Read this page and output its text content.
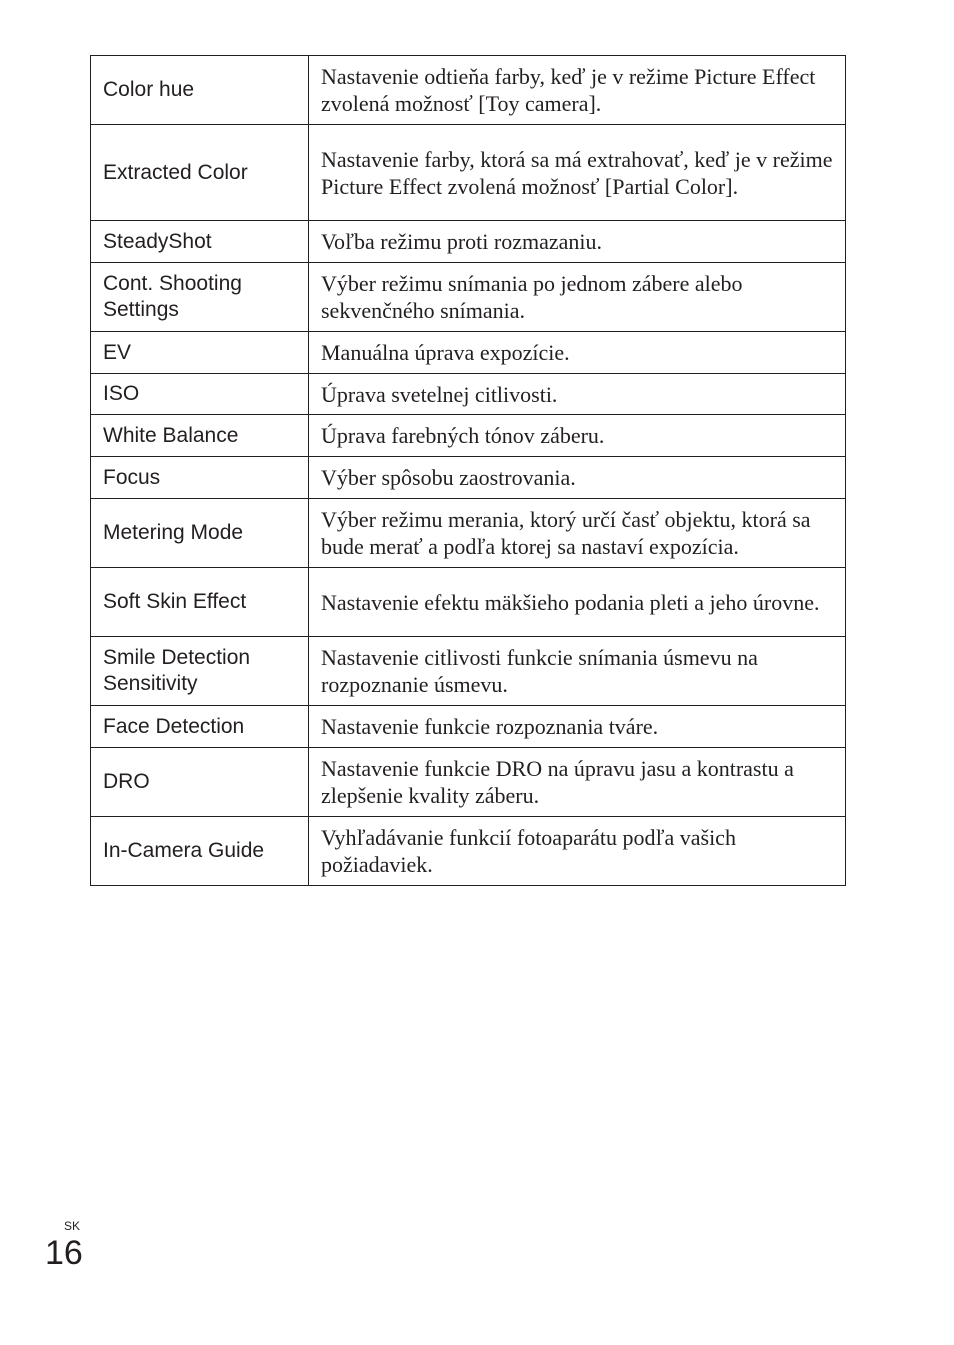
Color hue	Nastavenie odtieňa farby, keď je v režime Picture Effect zvolená možnosť [Toy camera].
Extracted Color	Nastavenie farby, ktorá sa má extrahovať, keď je v režime Picture Effect zvolená možnosť [Partial Color].
SteadyShot	Voľba režimu proti rozmazaniu.
Cont. Shooting Settings	Výber režimu snímania po jednom zábere alebo sekvenčného snímania.
EV	Manuálna úprava expozície.
ISO	Úprava svetelnej citlivosti.
White Balance	Úprava farebných tónov záberu.
Focus	Výber spôsobu zaostrovania.
Metering Mode	Výber režimu merania, ktorý určí časť objektu, ktorá sa bude merať a podľa ktorej sa nastaví expozícia.
Soft Skin Effect	Nastavenie efektu mäkšieho podania pleti a jeho úrovne.
Smile Detection Sensitivity	Nastavenie citlivosti funkcie snímania úsmevu na rozpoznanie úsmevu.
Face Detection	Nastavenie funkcie rozpoznania tváre.
DRO	Nastavenie funkcie DRO na úpravu jasu a kontrastu a zlepšenie kvality záberu.
In-Camera Guide	Vyhľadávanie funkcií fotoaparátu podľa vašich požiadaviek.
SK
16
